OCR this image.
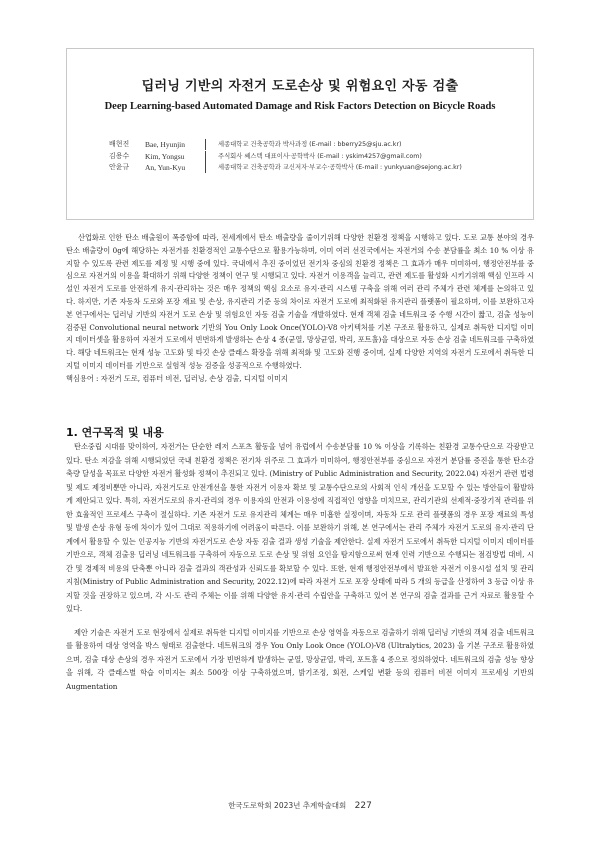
딥러닝 기반의 자전거 도로손상 및 위험요인 자동 검출
Deep Learning-based Automated Damage and Risk Factors Detection on Bicycle Roads
배현진	Bae, Hyunjin	세종대학교 건축공학과 박사과정 (E-mail : bberry25@sju.ac.kr)
김용수	Kim, Yongsu	주식회사 쎄스텍 대표이사·공학박사 (E-mail : yskim4257@gmail.com)
안윤규	An, Yun-Kyu	세종대학교 건축공학과 교신저자·부교수·공학박사 (E-mail : yunkyuan@sejong.ac.kr)

산업화로 인한 탄소 배출원이 폭증함에 따라, 전세계에서 탄소 배출량을 줄이기위해 다양한 친환경 정책을 시행하고 있다. 도로 교통 분야의 경우 탄소 배출량이 0g에 해당하는 자전거를 친환경적인 교통수단으로 활용가능하며, 이미 여러 선진국에서는 자전거의 수송 분담률을 최소 10 % 이상 유지할 수 있도록 관련 제도를 제정 및 시행 중에 있다. 국내에서 추진 중이었던 전기차 중심의 친환경 정책은 그 효과가 매우 미미하여, 행정안전부를 중심으로 자전거의 이용을 확대하기 위해 다양한 정책이 연구 및 시행되고 있다. 자전거 이용객을 늘리고, 관련 제도를 활성화 시키기위해 핵심 인프라 시설인 자전거 도로를 안전하게 유지·관리하는 것은 매우 정책의 핵심 요소로 유지·관리 시스템 구축을 위해 여러 관리 주체가 관련 체계를 논의하고 있다. 하지만, 기존 자동차 도로와 포장 재료 및 손상, 유지관리 기준 등의 차이로 자전거 도로에 최적화된 유지관리 플랫폼이 필요하며, 이를 보완하고자 본 연구에서는 딥러닝 기반의 자전거 도로 손상 및 위험요인 자동 검출 기술을 개발하였다. 현재 객체 검출 네트워크 중 수행 시간이 짧고, 검출 성능이 검증된 Convolutional neural network 기반의 You Only Look Once(YOLO)-V8 아키텍처를 기본 구조로 활용하고, 실제로 취득한 디지털 이미지 데이터셋을 활용하여 자전거 도로에서 빈번하게 발생하는 손상 4 종(균열, 망상균열, 박리, 포트홀)을 대상으로 자동 손상 검출 네트워크를 구축하였다. 해당 네트워크는 현재 성능 고도화 및 타깃 손상 클래스 확장을 위해 최적화 및 고도화 진행 중이며, 실제 다양한 지역의 자전거 도로에서 취득한 디지털 이미지 데이터를 기반으로 실험적 성능 검증을 성공적으로 수행하였다.

핵심용어 : 자전거 도로, 컴퓨터 비전, 딥러닝, 손상 검출, 디지털 이미지

1. 연구목적 및 내용

탄소중립 시대를 맞이하여, 자전거는 단순한 레저 스포츠 활동을 넘어 유럽에서 수송분담률 10 % 이상을 기록하는 친환경 교통수단으로 각광받고 있다. 탄소 저감을 위해 시행되었던 국내 친환경 정책은 전기차 위주로 그 효과가 미미하여, 행정안전부를 중심으로 자전거 분담률 증진을 통한 탄소감축량 달성을 목표로 다양한 자전거 활성화 정책이 추진되고 있다. (Ministry of Public Administration and Security, 2022.04) 자전거 관련 법령 및 제도 제정비뿐만 아니라, 자전거도로 안전개선을 통한 자전거 이용자 확보 및 교통수단으로의 사회적 인식 개선을 도모할 수 있는 방안들이 활발하게 제안되고 있다. 특히, 자전거도로의 유지·관리의 경우 이용자의 안전과 이용성에 직접적인 영향을 미치므로, 관리기관의 선제적·중장기적 관리를 위한 효율적인 프로세스 구축이 절실하다. 기존 자전거 도로 유지관리 체계는 매우 미흡한 실정이며, 자동차 도로 관리 플랫폼의 경우 포장 재료의 특성 및 발생 손상 유형 등에 차이가 있어 그대로 적용하기에 어려움이 따른다. 이를 보완하기 위해, 본 연구에서는 관리 주체가 자전거 도로의 유지·관리 단계에서 활용할 수 있는 인공지능 기반의 자전거도로 손상 자동 검출 결과 생성 기술을 제안한다. 실제 자전거 도로에서 취득한 디지털 이미지 데이터를 기반으로, 객체 검출용 딥러닝 네트워크를 구축하여 자동으로 도로 손상 및 위험 요인을 탐지함으로써 현재 인력 기반으로 수행되는 점검방법 대비, 시간 및 경제적 비용의 단축뿐 아니라 검출 결과의 객관성과 신뢰도를 확보할 수 있다. 또한, 현재 행정안전부에서 발표한 자전거 이용시설 설치 및 관리 지침(Ministry of Public Administration and Security, 2022.12)에 따라 자전거 도로 포장 상태에 따라 5 개의 등급을 산정하여 3 등급 이상 유지할 것을 권장하고 있으며, 각 시·도 관리 주체는 이를 위해 다양한 유지·관리 수립안을 구축하고 있어 본 연구의 검출 결과를 근거 자료로 활용할 수 있다.

제안 기술은 자전거 도로 현장에서 실제로 취득한 디지털 이미지를 기반으로 손상 영역을 자동으로 검출하기 위해 딥러닝 기반의 객체 검출 네트워크를 활용하여 대상 영역을 박스 형태로 검출한다. 네트워크의 경우 You Only Look Once (YOLO)-V8 (Ultralytics, 2023) 을 기본 구조로 활용하였으며, 검출 대상 손상의 경우 자전거 도로에서 가장 빈번하게 발생하는 균열, 망상균열, 박리, 포트홀 4 종으로 정의하였다. 네트워크의 검출 성능 향상을 위해, 각 클래스별 학습 이미지는 최소 500장 이상 구축하였으며, 밝기조정, 회전, 스케일 변환 등의 컴퓨터 비전 이미지 프로세싱 기반의 Augmentation

한국도로학회 2023년 추계학술대회 227
